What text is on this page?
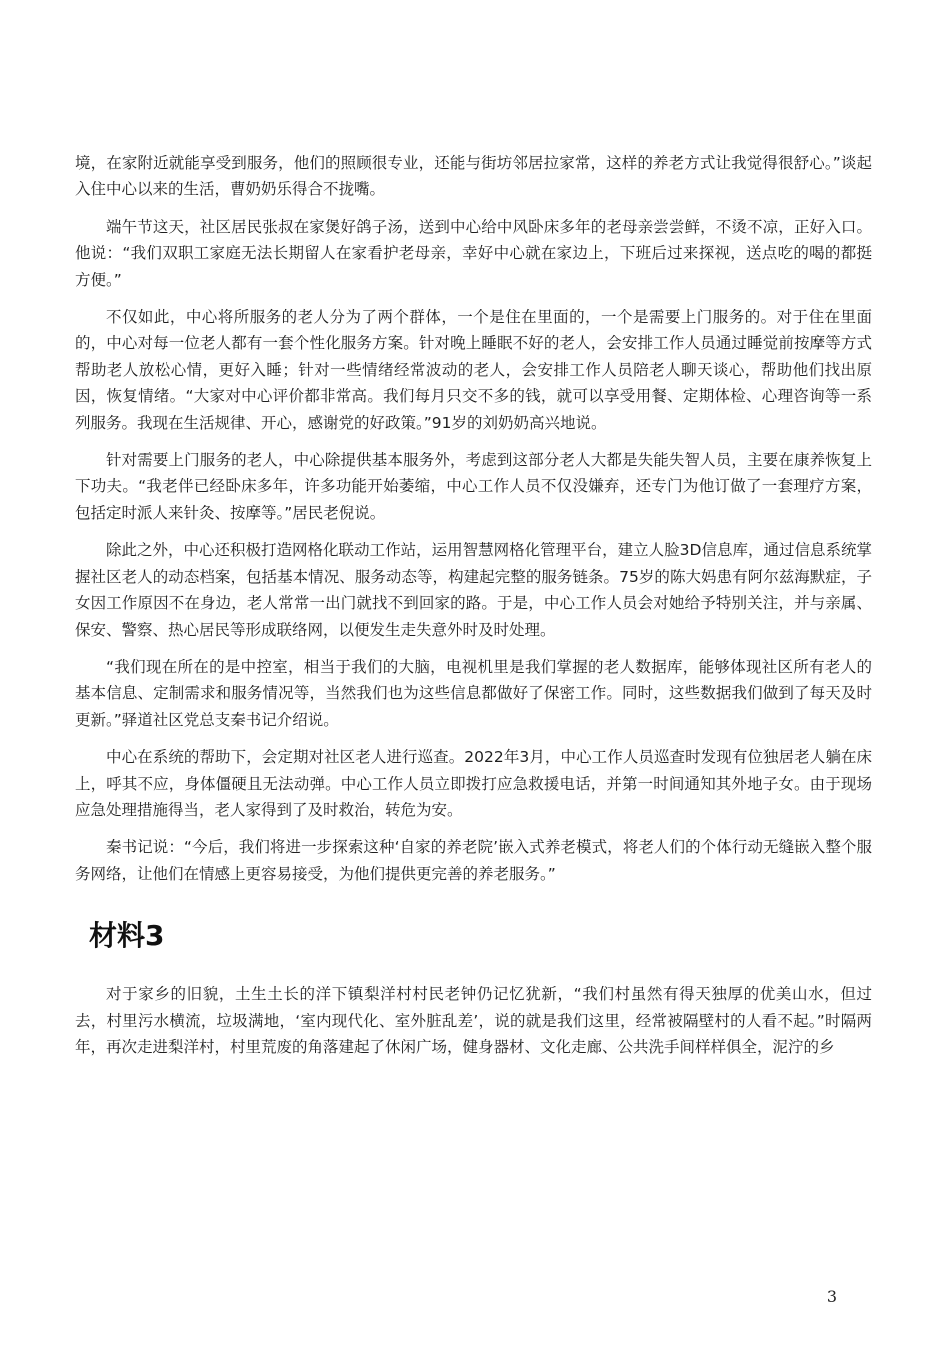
境，在家附近就能享受到服务，他们的照顾很专业，还能与街坊邻居拉家常，这样的养老方式让我觉得很舒心。”谈起入住中心以来的生活，曹奶奶乐得合不拢嘴。

端午节这天，社区居民张叔在家煲好鸽子汤，送到中心给中风卧床多年的老母亲尝尝鲜，不烫不凉，正好入口。他说：“我们双职工家庭无法长期留人在家看护老母亲，幸好中心就在家边上，下班后过来探视，送点吃的喝的都挺方便。”

不仅如此，中心将所服务的老人分为了两个群体，一个是住在里面的，一个是需要上门服务的。对于住在里面的，中心对每一位老人都有一套个性化服务方案。针对晚上睡眠不好的老人，会安排工作人员通过睡觉前按摩等方式帮助老人放松心情，更好入睡；针对一些情绪经常波动的老人，会安排工作人员陪老人聊天谈心，帮助他们找出原因，恢复情绪。“大家对中心评价都非常高。我们每月只交不多的钱，就可以享受用餐、定期体检、心理咨询等一系列服务。我现在生活规律、开心，感谢党的好政策。”91岁的刘奶奶高兴地说。

针对需要上门服务的老人，中心除提供基本服务外，考虑到这部分老人大都是失能失智人员，主要在康养恢复上下功夫。“我老伴已经卧床多年，许多功能开始萎缩，中心工作人员不仅没嫌弃，还专门为他订做了一套理疗方案，包括定时派人来针灸、按摩等。”居民老倪说。

除此之外，中心还积极打造网格化联动工作站，运用智慧网格化管理平台，建立人脸3D信息库，通过信息系统掌握社区老人的动态档案，包括基本情况、服务动态等，构建起完整的服务链条。75岁的陈大妈患有阿尔兹海默症，子女因工作原因不在身边，老人常常一出门就找不到回家的路。于是，中心工作人员会对她给予特别关注，并与亲属、保安、警察、热心居民等形成联络网，以便发生走失意外时及时处理。

“我们现在所在的是中控室，相当于我们的大脑，电视机里是我们掌握的老人数据库，能够体现社区所有老人的基本信息、定制需求和服务情况等，当然我们也为这些信息都做好了保密工作。同时，这些数据我们做到了每天及时更新。”驿道社区党总支秦书记介绍说。

中心在系统的帮助下，会定期对社区老人进行巡查。2022年3月，中心工作人员巡查时发现有位独居老人躺在床上，呼其不应，身体僵硬且无法动弹。中心工作人员立即拨打应急救援电话，并第一时间通知其外地子女。由于现场应急处理措施得当，老人家得到了及时救治，转危为安。

秦书记说：“今后，我们将进一步探索这种‘自家的养老院’嵌入式养老模式，将老人们的个体行动无缝嵌入整个服务网络，让他们在情感上更容易接受，为他们提供更完善的养老服务。”

材料3

对于家乡的旧貌，土生土长的洋下镇梨洋村村民老钟仍记忆犹新，“我们村虽然有得天独厚的优美山水，但过去，村里污水横流，垃圾满地，‘室内现代化、室外脏乱差’，说的就是我们这里，经常被隔壁村的人看不起。”时隔两年，再次走进梨洋村，村里荒废的角落建起了休闲广场，健身器材、文化走廊、公共洗手间样样俱全，泥泞的乡

3
